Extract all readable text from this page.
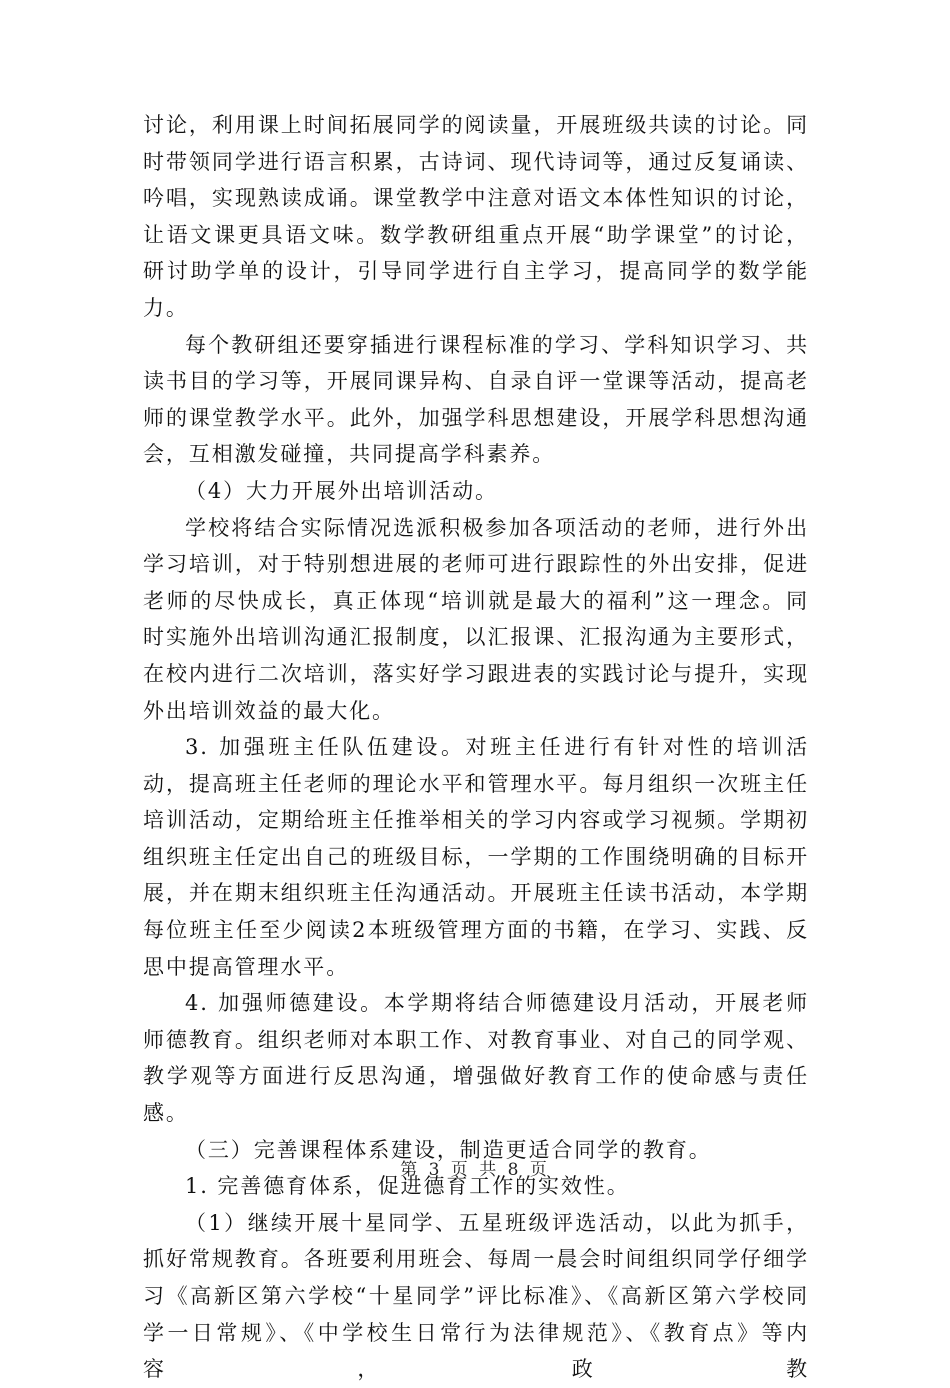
讨论，利用课上时间拓展同学的阅读量，开展班级共读的讨论。同时带领同学进行语言积累，古诗词、现代诗词等，通过反复诵读、吟唱，实现熟读成诵。课堂教学中注意对语文本体性知识的讨论，让语文课更具语文味。数学教研组重点开展“助学课堂”的讨论，研讨助学单的设计，引导同学进行自主学习，提高同学的数学能力。

每个教研组还要穿插进行课程标准的学习、学科知识学习、共读书目的学习等，开展同课异构、自录自评一堂课等活动，提高老师的课堂教学水平。此外，加强学科思想建设，开展学科思想沟通会，互相激发碰撞，共同提高学科素养。

（4）大力开展外出培训活动。

学校将结合实际情况选派积极参加各项活动的老师，进行外出学习培训，对于特别想进展的老师可进行跟踪性的外出安排，促进老师的尽快成长，真正体现“培训就是最大的福利”这一理念。同时实施外出培训沟通汇报制度，以汇报课、汇报沟通为主要形式，在校内进行二次培训，落实好学习跟进表的实践讨论与提升，实现外出培训效益的最大化。

3. 加强班主任队伍建设。对班主任进行有针对性的培训活动，提高班主任老师的理论水平和管理水平。每月组织一次班主任培训活动，定期给班主任推举相关的学习内容或学习视频。学期初组织班主任定出自己的班级目标，一学期的工作围绕明确的目标开展，并在期末组织班主任沟通活动。开展班主任读书活动，本学期每位班主任至少阅读2本班级管理方面的书籍，在学习、实践、反思中提高管理水平。

4. 加强师德建设。本学期将结合师德建设月活动，开展老师师德教育。组织老师对本职工作、对教育事业、对自己的同学观、教学观等方面进行反思沟通，增强做好教育工作的使命感与责任感。

（三）完善课程体系建设，制造更适合同学的教育。

1. 完善德育体系，促进德育工作的实效性。

（1）继续开展十星同学、五星班级评选活动，以此为抓手，抓好常规教育。各班要利用班会、每周一晨会时间组织同学仔细学习《高新区第六学校“十星同学”评比标准》、《高新区第六学校同学一日常规》、《中学校生日常行为法律规范》、《教育点》等内容，政教

第 3 页 共 8 页
